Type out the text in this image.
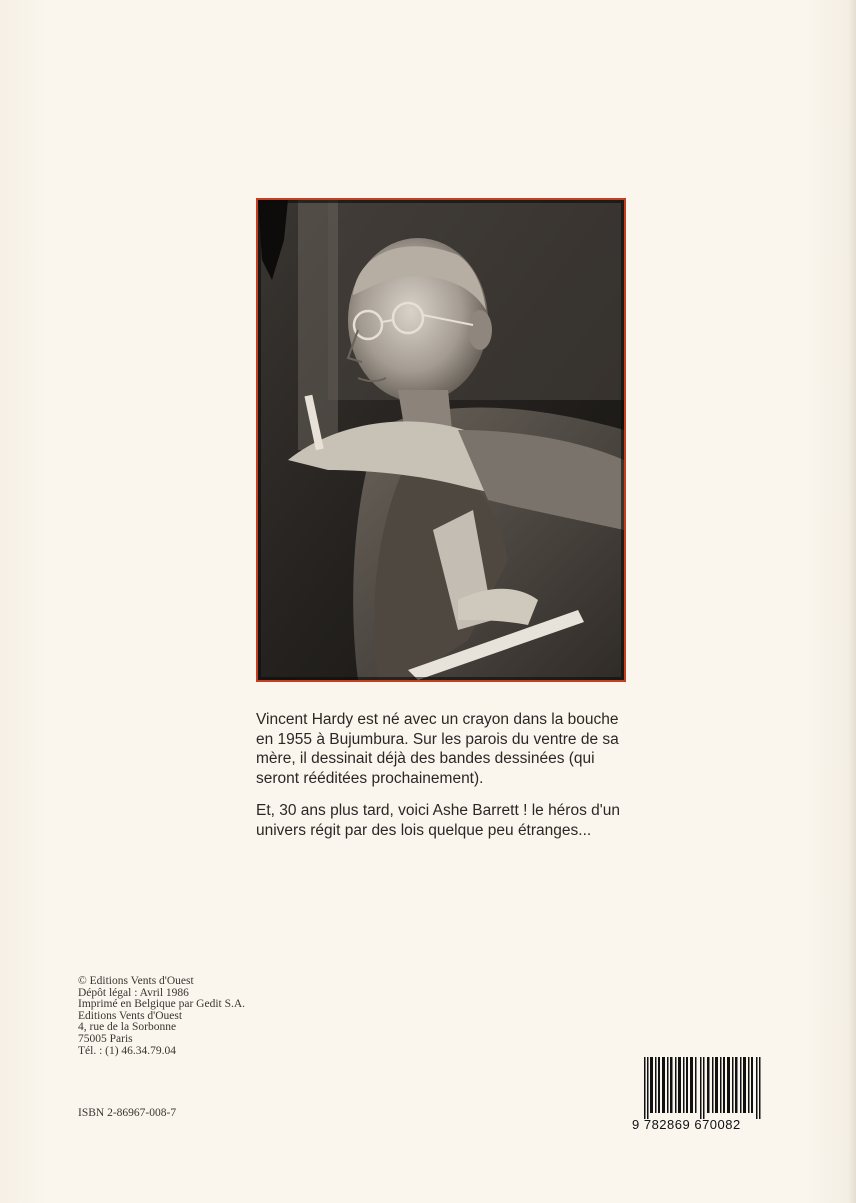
Vincent Hardy est né avec un crayon dans la bouche en 1955 à Bujumbura. Sur les parois du ventre de sa mère, il dessinait déjà des bandes dessinées (qui seront rééditées prochainement).

Et, 30 ans plus tard, voici Ashe Barrett ! le héros d'un univers régit par des lois quelque peu étranges...

© Editions Vents d'Ouest
Dépôt légal : Avril 1986
Imprimé en Belgique par Gedit S.A.
Editions Vents d'Ouest
4, rue de la Sorbonne
75005 Paris
Tél. : (1) 46.34.79.04
ISBN 2-86967-008-7
9 782869 670082
